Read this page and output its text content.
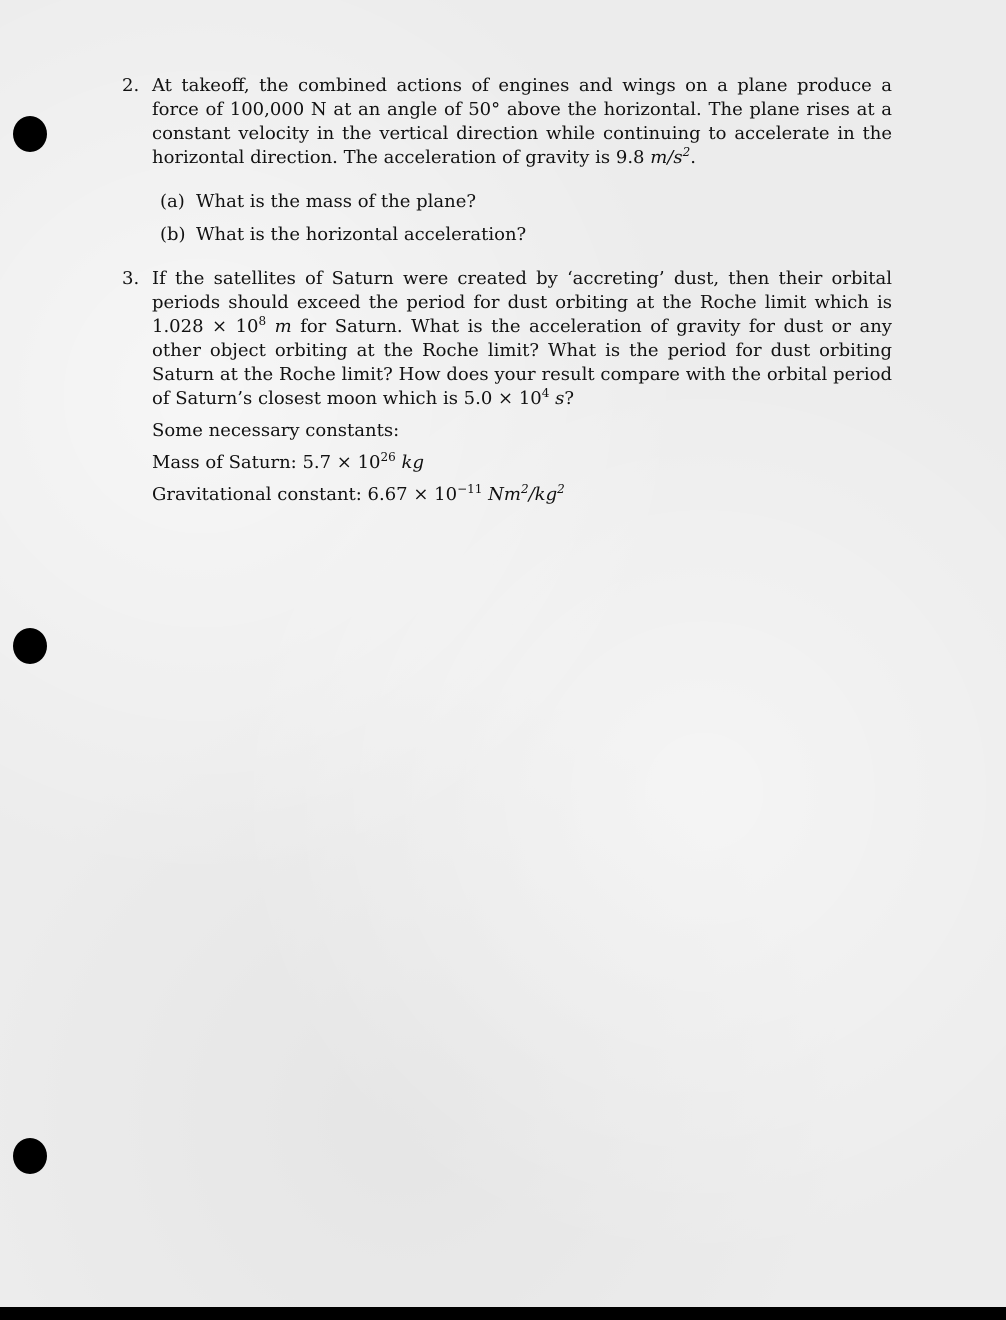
2. At takeoff, the combined actions of engines and wings on a plane produce a force of 100,000 N at an angle of 50° above the horizontal. The plane rises at a constant velocity in the vertical direction while continuing to accelerate in the horizontal direction. The acceleration of gravity is 9.8 $m/s^2$.

(a) What is the mass of the plane?
(b) What is the horizontal acceleration?
3. If the satellites of Saturn were created by ‘accreting’ dust, then their orbital periods should exceed the period for dust orbiting at the Roche limit which is $1.028 \times 10^8$ m for Saturn. What is the acceleration of gravity for dust or any other object orbiting at the Roche limit? What is the period for dust orbiting Saturn at the Roche limit? How does your result compare with the orbital period of Saturn’s closest moon which is $5.0 \times 10^4$ s?

Some necessary constants:

Mass of Saturn: $5.7 \times 10^{26}$ kg

Gravitational constant: $6.67 \times 10^{-11}$ $Nm^2/kg^2$
